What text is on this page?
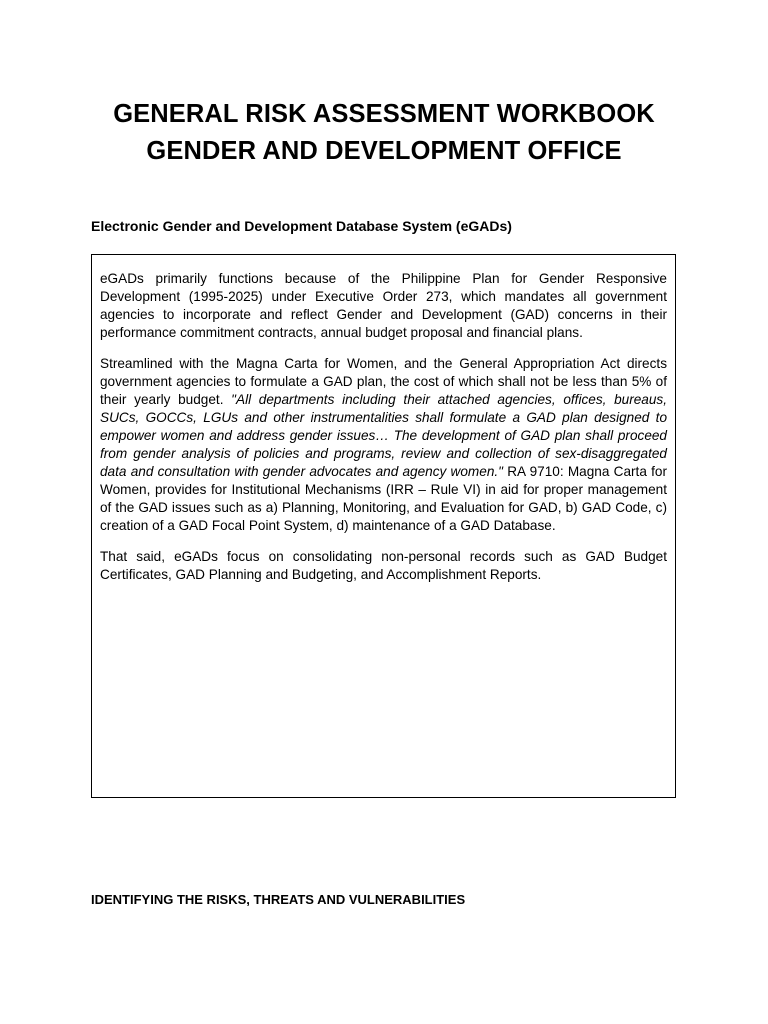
GENERAL RISK ASSESSMENT WORKBOOK
GENDER AND DEVELOPMENT OFFICE
Electronic Gender and Development Database System (eGADs)

eGADs primarily functions because of the Philippine Plan for Gender Responsive Development (1995-2025) under Executive Order 273, which mandates all government agencies to incorporate and reflect Gender and Development (GAD) concerns in their performance commitment contracts, annual budget proposal and financial plans.

Streamlined with the Magna Carta for Women, and the General Appropriation Act directs government agencies to formulate a GAD plan, the cost of which shall not be less than 5% of their yearly budget. "All departments including their attached agencies, offices, bureaus, SUCs, GOCCs, LGUs and other instrumentalities shall formulate a GAD plan designed to empower women and address gender issues… The development of GAD plan shall proceed from gender analysis of policies and programs, review and collection of sex-disaggregated data and consultation with gender advocates and agency women." RA 9710: Magna Carta for Women, provides for Institutional Mechanisms (IRR – Rule VI) in aid for proper management of the GAD issues such as a) Planning, Monitoring, and Evaluation for GAD, b) GAD Code, c) creation of a GAD Focal Point System, d) maintenance of a GAD Database.

That said, eGADs focus on consolidating non-personal records such as GAD Budget Certificates, GAD Planning and Budgeting, and Accomplishment Reports.

IDENTIFYING THE RISKS, THREATS AND VULNERABILITIES
